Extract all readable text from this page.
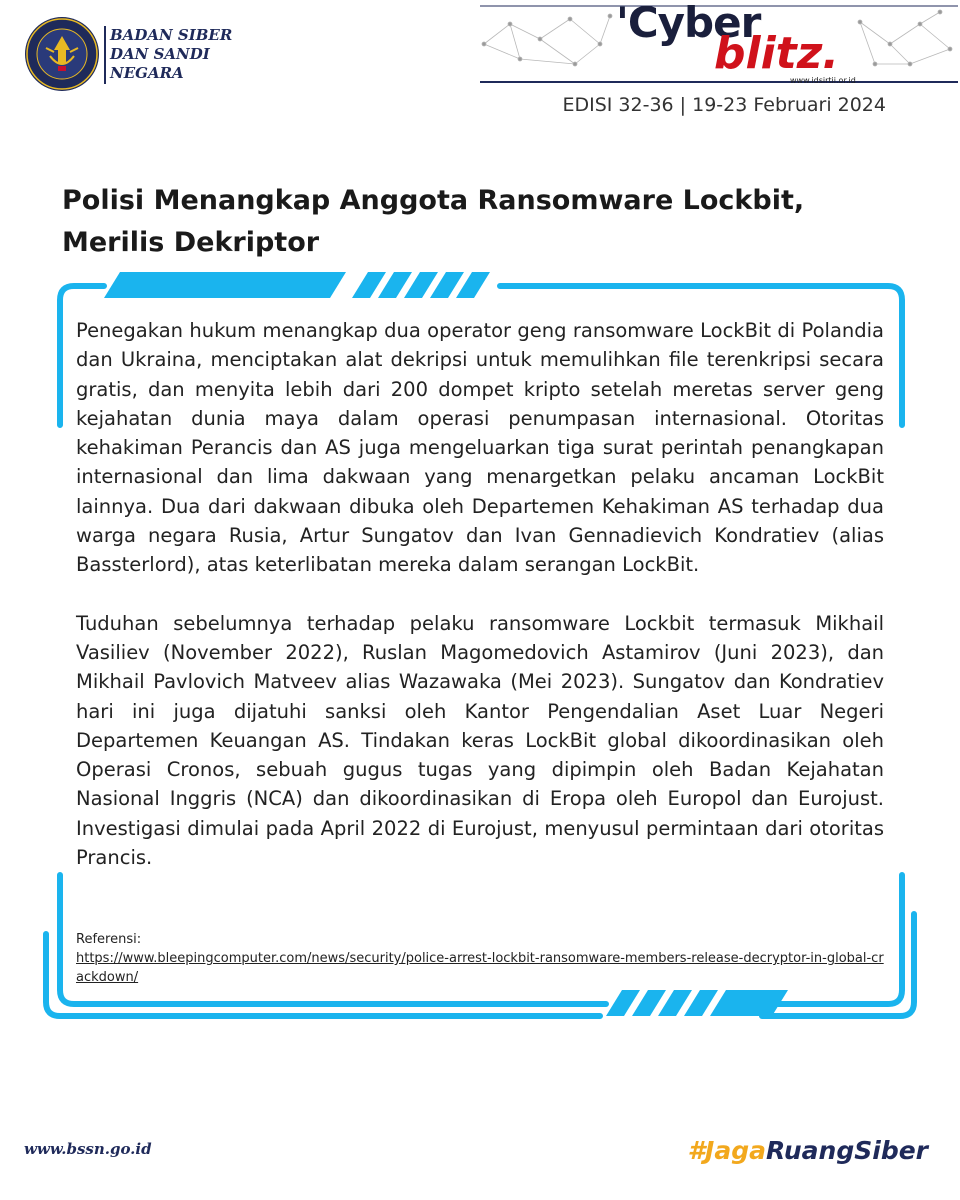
BADAN SIBER
DAN SANDI
NEGARA
'Cyber
blitz.
www.idsirtii.or.id
EDISI 32-36 | 19-23 Februari 2024
Polisi Menangkap Anggota Ransomware Lockbit, Merilis Dekriptor

Penegakan hukum menangkap dua operator geng ransomware LockBit di Polandia dan Ukraina, menciptakan alat dekripsi untuk memulihkan file terenkripsi secara gratis, dan menyita lebih dari 200 dompet kripto setelah meretas server geng kejahatan dunia maya dalam operasi penumpasan internasional. Otoritas kehakiman Perancis dan AS juga mengeluarkan tiga surat perintah penangkapan internasional dan lima dakwaan yang menargetkan pelaku ancaman LockBit lainnya. Dua dari dakwaan dibuka oleh Departemen Kehakiman AS terhadap dua warga negara Rusia, Artur Sungatov dan Ivan Gennadievich Kondratiev (alias Bassterlord), atas keterlibatan mereka dalam serangan LockBit.

Tuduhan sebelumnya terhadap pelaku ransomware Lockbit termasuk Mikhail Vasiliev (November 2022), Ruslan Magomedovich Astamirov (Juni 2023), dan Mikhail Pavlovich Matveev alias Wazawaka (Mei 2023). Sungatov dan Kondratiev hari ini juga dijatuhi sanksi oleh Kantor Pengendalian Aset Luar Negeri Departemen Keuangan AS. Tindakan keras LockBit global dikoordinasikan oleh Operasi Cronos, sebuah gugus tugas yang dipimpin oleh Badan Kejahatan Nasional Inggris (NCA) dan dikoordinasikan di Eropa oleh Europol dan Eurojust. Investigasi dimulai pada April 2022 di Eurojust, menyusul permintaan dari otoritas Prancis.

Referensi:
https://www.bleepingcomputer.com/news/security/police-arrest-lockbit-ransomware-members-release-decryptor-in-global-crackdown/
www.bssn.go.id	#JagaRuangSiber
